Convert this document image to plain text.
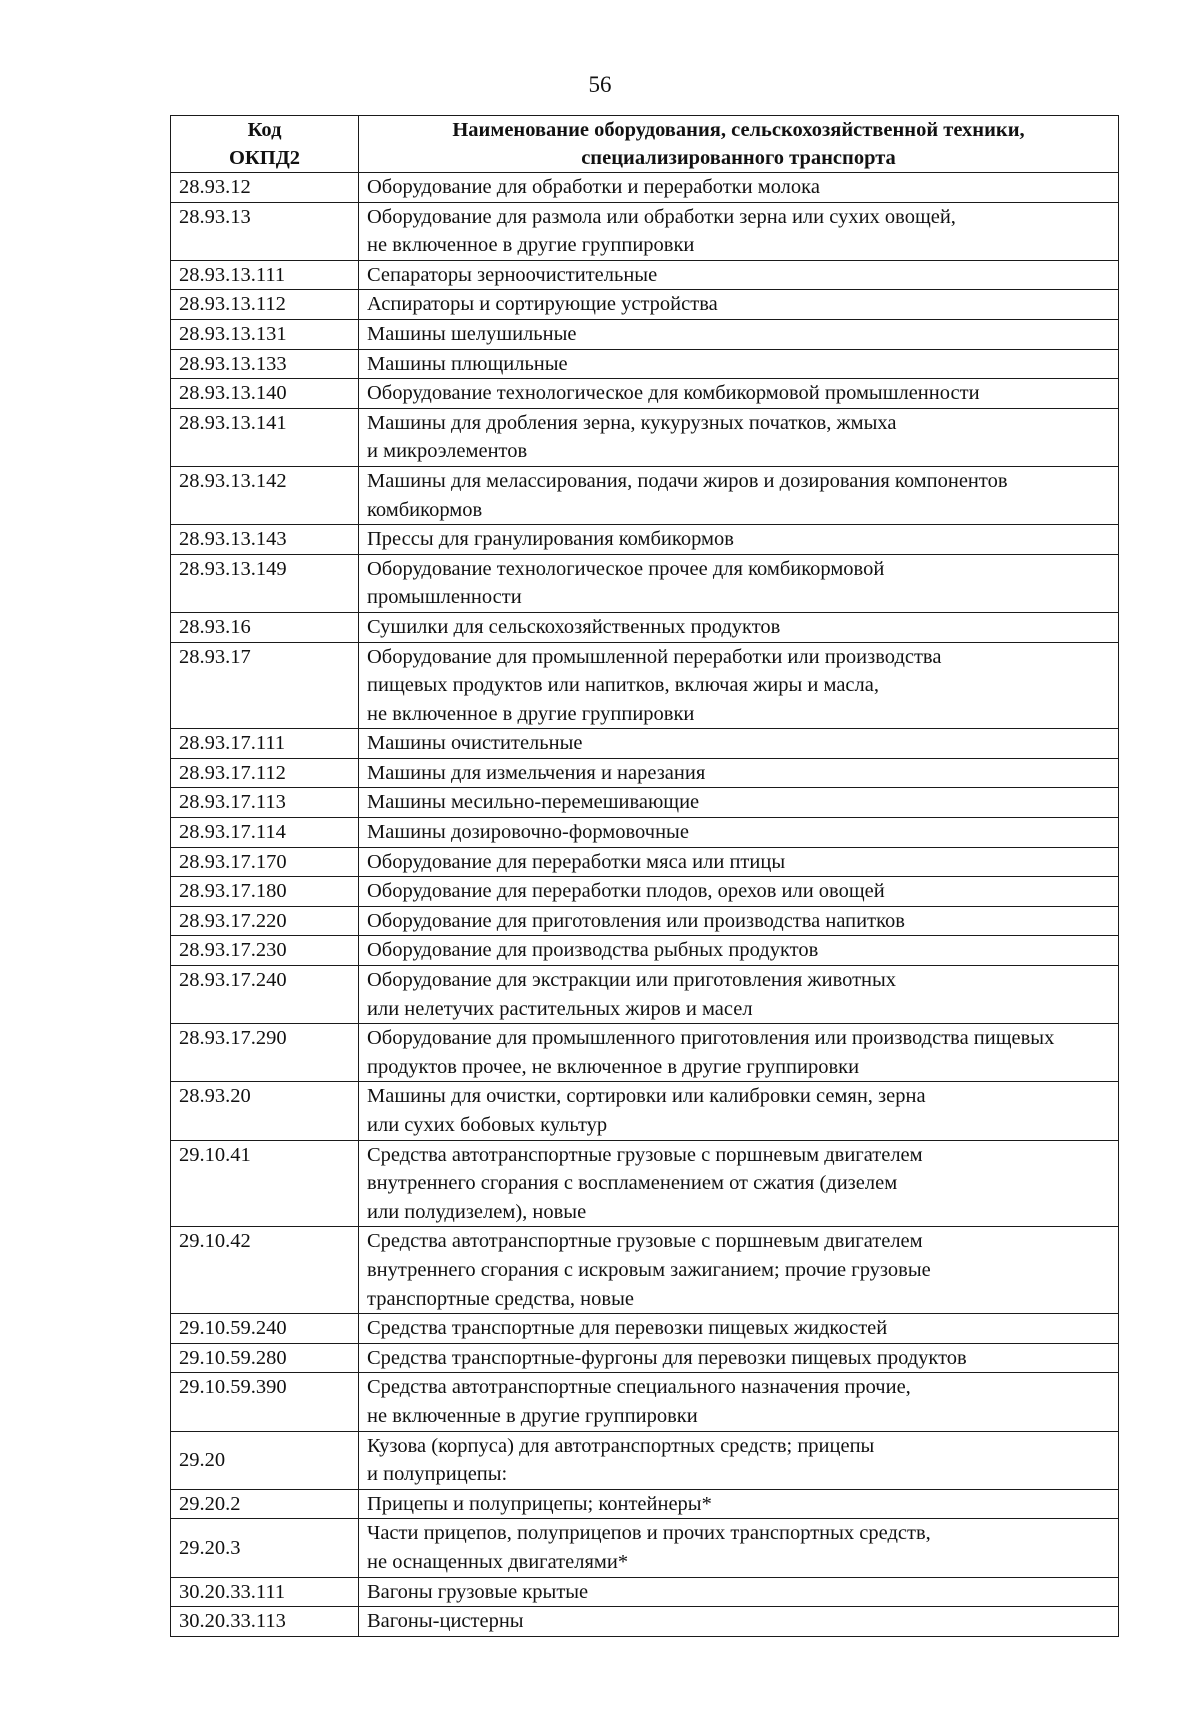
56
Код
ОКПД2	Наименование оборудования, сельскохозяйственной техники, специализированного транспорта
28.93.12	Оборудование для обработки и переработки молока
28.93.13	Оборудование для размола или обработки зерна или сухих овощей,
не включенное в другие группировки
28.93.13.111	Сепараторы зерноочистительные
28.93.13.112	Аспираторы и сортирующие устройства
28.93.13.131	Машины шелушильные
28.93.13.133	Машины плющильные
28.93.13.140	Оборудование технологическое для комбикормовой промышленности
28.93.13.141	Машины для дробления зерна, кукурузных початков, жмыха
и микроэлементов
28.93.13.142	Машины для мелассирования, подачи жиров и дозирования компонентов комбикормов
28.93.13.143	Прессы для гранулирования комбикормов
28.93.13.149	Оборудование технологическое прочее для комбикормовой
промышленности
28.93.16	Сушилки для сельскохозяйственных продуктов
28.93.17	Оборудование для промышленной переработки или производства
пищевых продуктов или напитков, включая жиры и масла,
не включенное в другие группировки
28.93.17.111	Машины очистительные
28.93.17.112	Машины для измельчения и нарезания
28.93.17.113	Машины месильно-перемешивающие
28.93.17.114	Машины дозировочно-формовочные
28.93.17.170	Оборудование для переработки мяса или птицы
28.93.17.180	Оборудование для переработки плодов, орехов или овощей
28.93.17.220	Оборудование для приготовления или производства напитков
28.93.17.230	Оборудование для производства рыбных продуктов
28.93.17.240	Оборудование для экстракции или приготовления животных
или нелетучих растительных жиров и масел
28.93.17.290	Оборудование для промышленного приготовления или производства пищевых продуктов прочее, не включенное в другие группировки
28.93.20	Машины для очистки, сортировки или калибровки семян, зерна
или сухих бобовых культур
29.10.41	Средства автотранспортные грузовые с поршневым двигателем
внутреннего сгорания с воспламенением от сжатия (дизелем
или полудизелем), новые
29.10.42	Средства автотранспортные грузовые с поршневым двигателем
внутреннего сгорания с искровым зажиганием; прочие грузовые
транспортные средства, новые
29.10.59.240	Средства транспортные для перевозки пищевых жидкостей
29.10.59.280	Средства транспортные-фургоны для перевозки пищевых продуктов
29.10.59.390	Средства автотранспортные специального назначения прочие,
не включенные в другие группировки
29.20	Кузова (корпуса) для автотранспортных средств; прицепы
и полуприцепы:
29.20.2	Прицепы и полуприцепы; контейнеры*
29.20.3	Части прицепов, полуприцепов и прочих транспортных средств,
не оснащенных двигателями*
30.20.33.111	Вагоны грузовые крытые
30.20.33.113	Вагоны-цистерны
